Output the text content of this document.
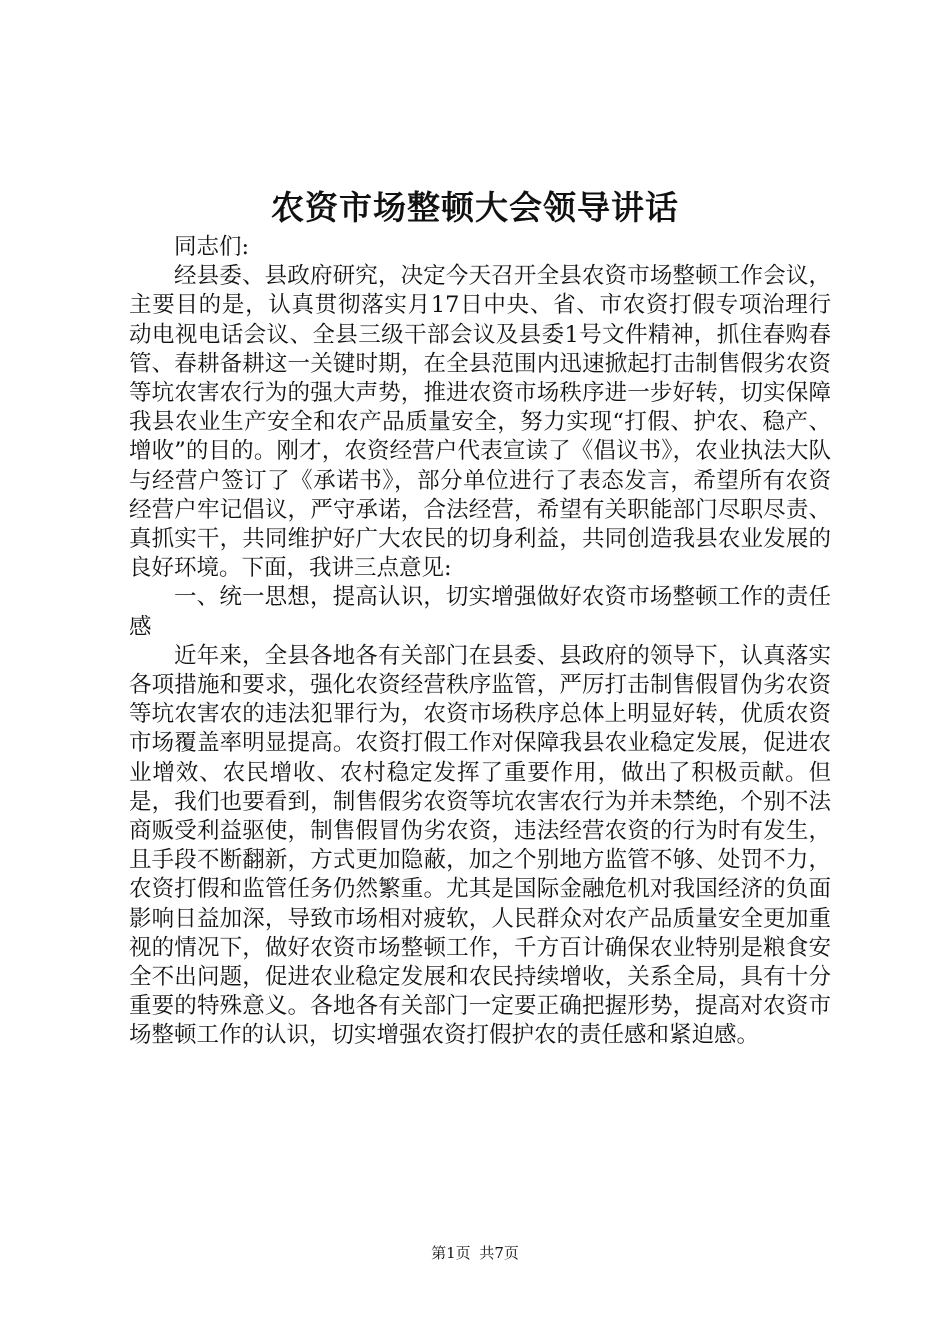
农资市场整顿大会领导讲话

同志们:

经县委、县政府研究，决定今天召开全县农资市场整顿工作会议，主要目的是，认真贯彻落实月17日中央、省、市农资打假专项治理行动电视电话会议、全县三级干部会议及县委1号文件精神，抓住春购春管、春耕备耕这一关键时期，在全县范围内迅速掀起打击制售假劣农资等坑农害农行为的强大声势，推进农资市场秩序进一步好转，切实保障我县农业生产安全和农产品质量安全，努力实现“打假、护农、稳产、增收”的目的。刚才，农资经营户代表宣读了《倡议书》，农业执法大队与经营户签订了《承诺书》，部分单位进行了表态发言，希望所有农资经营户牢记倡议，严守承诺，合法经营，希望有关职能部门尽职尽责、真抓实干，共同维护好广大农民的切身利益，共同创造我县农业发展的良好环境。下面，我讲三点意见:

一、统一思想，提高认识，切实增强做好农资市场整顿工作的责任感

近年来，全县各地各有关部门在县委、县政府的领导下，认真落实各项措施和要求，强化农资经营秩序监管，严厉打击制售假冒伪劣农资等坑农害农的违法犯罪行为，农资市场秩序总体上明显好转，优质农资市场覆盖率明显提高。农资打假工作对保障我县农业稳定发展，促进农业增效、农民增收、农村稳定发挥了重要作用，做出了积极贡献。但是，我们也要看到，制售假劣农资等坑农害农行为并未禁绝，个别不法商贩受利益驱使，制售假冒伪劣农资，违法经营农资的行为时有发生，且手段不断翻新，方式更加隐蔽，加之个别地方监管不够、处罚不力，农资打假和监管任务仍然繁重。尤其是国际金融危机对我国经济的负面影响日益加深，导致市场相对疲软，人民群众对农产品质量安全更加重视的情况下，做好农资市场整顿工作，千方百计确保农业特别是粮食安全不出问题，促进农业稳定发展和农民持续增收，关系全局，具有十分重要的特殊意义。各地各有关部门一定要正确把握形势，提高对农资市场整顿工作的认识，切实增强农资打假护农的责任感和紧迫感。

第1页 共7页
